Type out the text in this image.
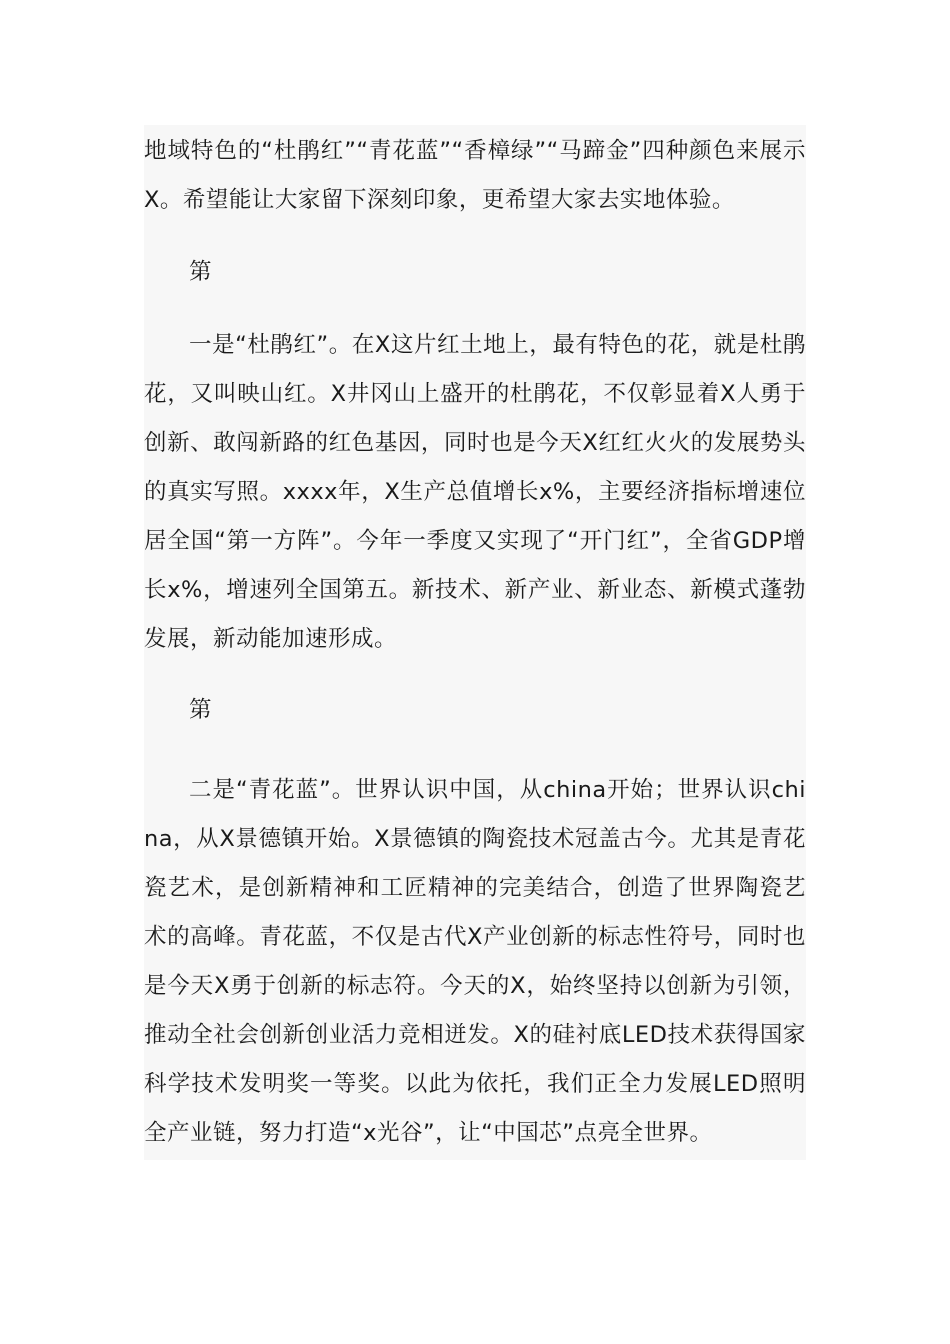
地域特色的“杜鹃红”“青花蓝”“香樟绿”“马蹄金”四种颜色来展示X。希望能让大家留下深刻印象，更希望大家去实地体验。

第

一是“杜鹃红”。在X这片红土地上，最有特色的花，就是杜鹃花，又叫映山红。X井冈山上盛开的杜鹃花，不仅彰显着X人勇于创新、敢闯新路的红色基因，同时也是今天X红红火火的发展势头的真实写照。xxxx年，X生产总值增长x%，主要经济指标增速位居全国“第一方阵”。今年一季度又实现了“开门红”，全省GDP增长x%，增速列全国第五。新技术、新产业、新业态、新模式蓬勃发展，新动能加速形成。

第

二是“青花蓝”。世界认识中国，从china开始；世界认识china，从X景德镇开始。X景德镇的陶瓷技术冠盖古今。尤其是青花瓷艺术，是创新精神和工匠精神的完美结合，创造了世界陶瓷艺术的高峰。青花蓝，不仅是古代X产业创新的标志性符号，同时也是今天X勇于创新的标志符。今天的X，始终坚持以创新为引领，推动全社会创新创业活力竞相迸发。X的硅衬底LED技术获得国家科学技术发明奖一等奖。以此为依托，我们正全力发展LED照明全产业链，努力打造“x光谷”，让“中国芯”点亮全世界。
